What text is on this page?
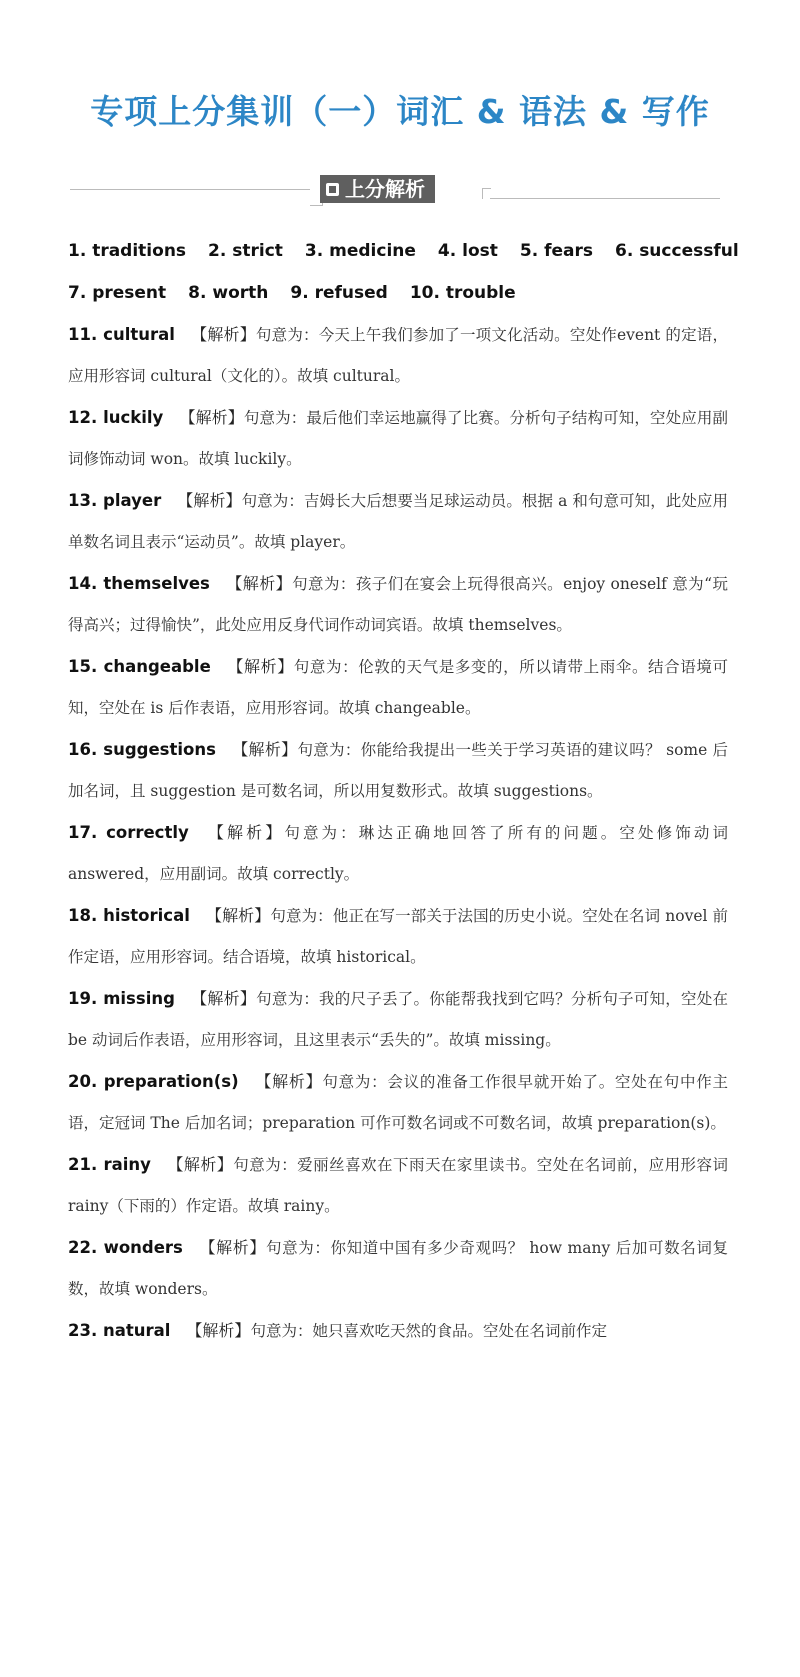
专项上分集训（一）词汇 & 语法 & 写作
上分解析
1. traditions 2. strict 3. medicine 4. lost 5. fears 6. successful
7. present 8. worth 9. refused 10. trouble
11. cultural 【解析】句意为：今天上午我们参加了一项文化活动。空处作event 的定语，应用形容词 cultural（文化的）。故填 cultural。
12. luckily 【解析】句意为：最后他们幸运地赢得了比赛。分析句子结构可知，空处应用副词修饰动词 won。故填 luckily。
13. player 【解析】句意为：吉姆长大后想要当足球运动员。根据 a 和句意可知，此处应用单数名词且表示“运动员”。故填 player。
14. themselves 【解析】句意为：孩子们在宴会上玩得很高兴。enjoy oneself 意为“玩得高兴；过得愉快”，此处应用反身代词作动词宾语。故填 themselves。
15. changeable 【解析】句意为：伦敦的天气是多变的，所以请带上雨伞。结合语境可知，空处在 is 后作表语，应用形容词。故填 changeable。
16. suggestions 【解析】句意为：你能给我提出一些关于学习英语的建议吗？ some 后加名词，且 suggestion 是可数名词，所以用复数形式。故填 suggestions。
17. correctly 【解析】句意为：琳达正确地回答了所有的问题。空处修饰动词 answered，应用副词。故填 correctly。
18. historical 【解析】句意为：他正在写一部关于法国的历史小说。空处在名词 novel 前作定语，应用形容词。结合语境，故填 historical。
19. missing 【解析】句意为：我的尺子丢了。你能帮我找到它吗？分析句子可知，空处在 be 动词后作表语，应用形容词，且这里表示“丢失的”。故填 missing。
20. preparation(s) 【解析】句意为：会议的准备工作很早就开始了。空处在句中作主语，定冠词 The 后加名词；preparation 可作可数名词或不可数名词，故填 preparation(s)。
21. rainy 【解析】句意为：爱丽丝喜欢在下雨天在家里读书。空处在名词前，应用形容词 rainy（下雨的）作定语。故填 rainy。
22. wonders 【解析】句意为：你知道中国有多少奇观吗？ how many 后加可数名词复数，故填 wonders。
23. natural 【解析】句意为：她只喜欢吃天然的食品。空处在名词前作定
